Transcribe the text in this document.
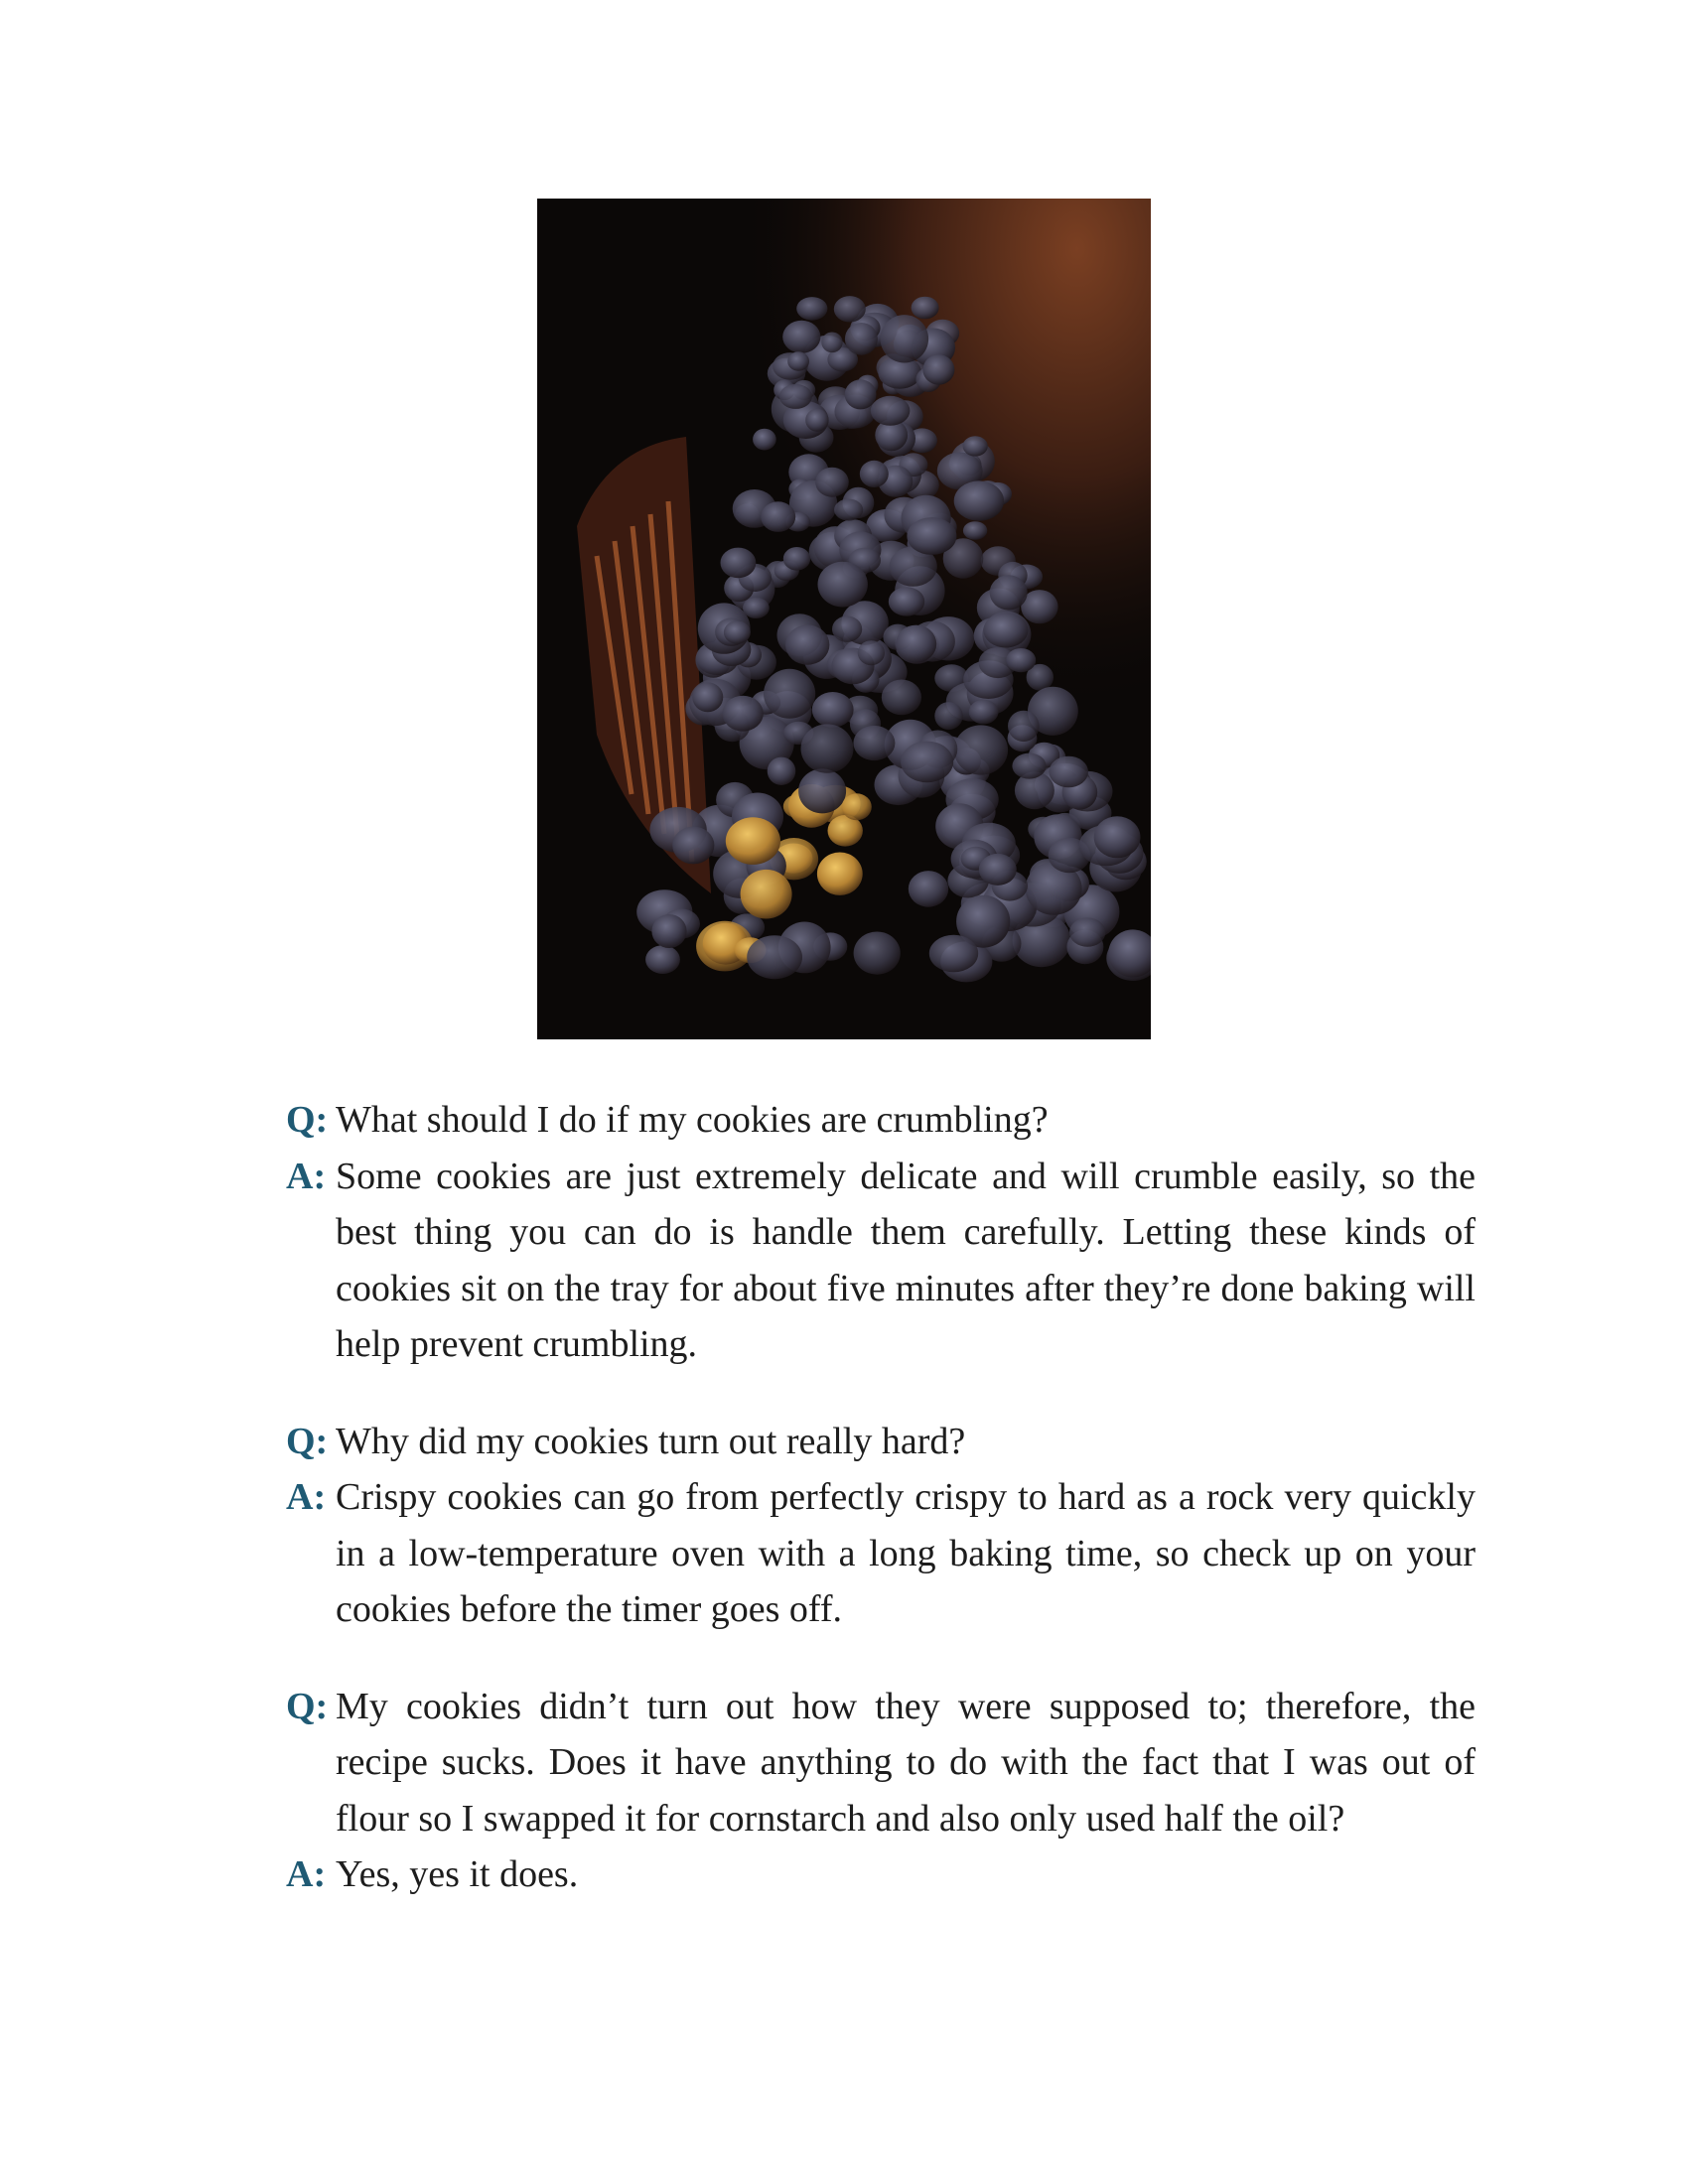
Q: What should I do if my cookies are crumbling?
A: Some cookies are just extremely delicate and will crumble easily, so the best thing you can do is handle them carefully. Letting these kinds of cookies sit on the tray for about five minutes after they’re done baking will help prevent crumbling.
Q: Why did my cookies turn out really hard?
A: Crispy cookies can go from perfectly crispy to hard as a rock very quickly in a low-temperature oven with a long baking time, so check up on your cookies before the timer goes off.
Q: My cookies didn’t turn out how they were supposed to; therefore, the recipe sucks. Does it have anything to do with the fact that I was out of flour so I swapped it for cornstarch and also only used half the oil?
A: Yes, yes it does.
